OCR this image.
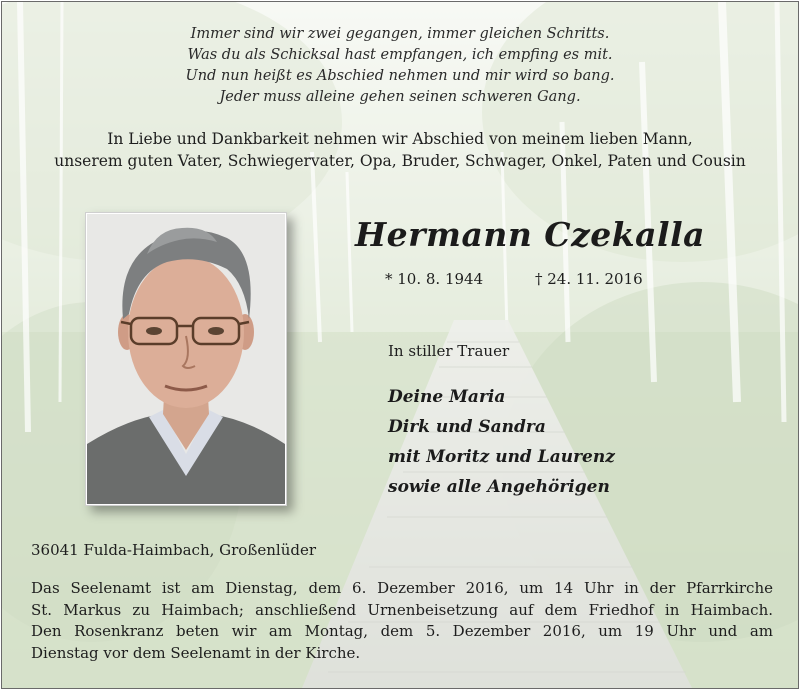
Immer sind wir zwei gegangen, immer gleichen Schritts.
Was du als Schicksal hast empfangen, ich empfing es mit.
Und nun heißt es Abschied nehmen und mir wird so bang.
Jeder muss alleine gehen seinen schweren Gang.
In Liebe und Dankbarkeit nehmen wir Abschied von meinem lieben Mann,
unserem guten Vater, Schwiegervater, Opa, Bruder, Schwager, Onkel, Paten und Cousin
Hermann Czekalla
* 10. 8. 1944	† 24. 11. 2016
In stiller Trauer
Deine Maria
Dirk und Sandra
mit Moritz und Laurenz
sowie alle Angehörigen
36041 Fulda-Haimbach, Großenlüder
Das Seelenamt ist am Dienstag, dem 6. Dezember 2016, um 14 Uhr in der Pfarrkirche
St. Markus zu Haimbach; anschließend Urnenbeisetzung auf dem Friedhof in Haimbach.
Den Rosenkranz beten wir am Montag, dem 5. Dezember 2016, um 19 Uhr und am
Dienstag vor dem Seelenamt in der Kirche.
